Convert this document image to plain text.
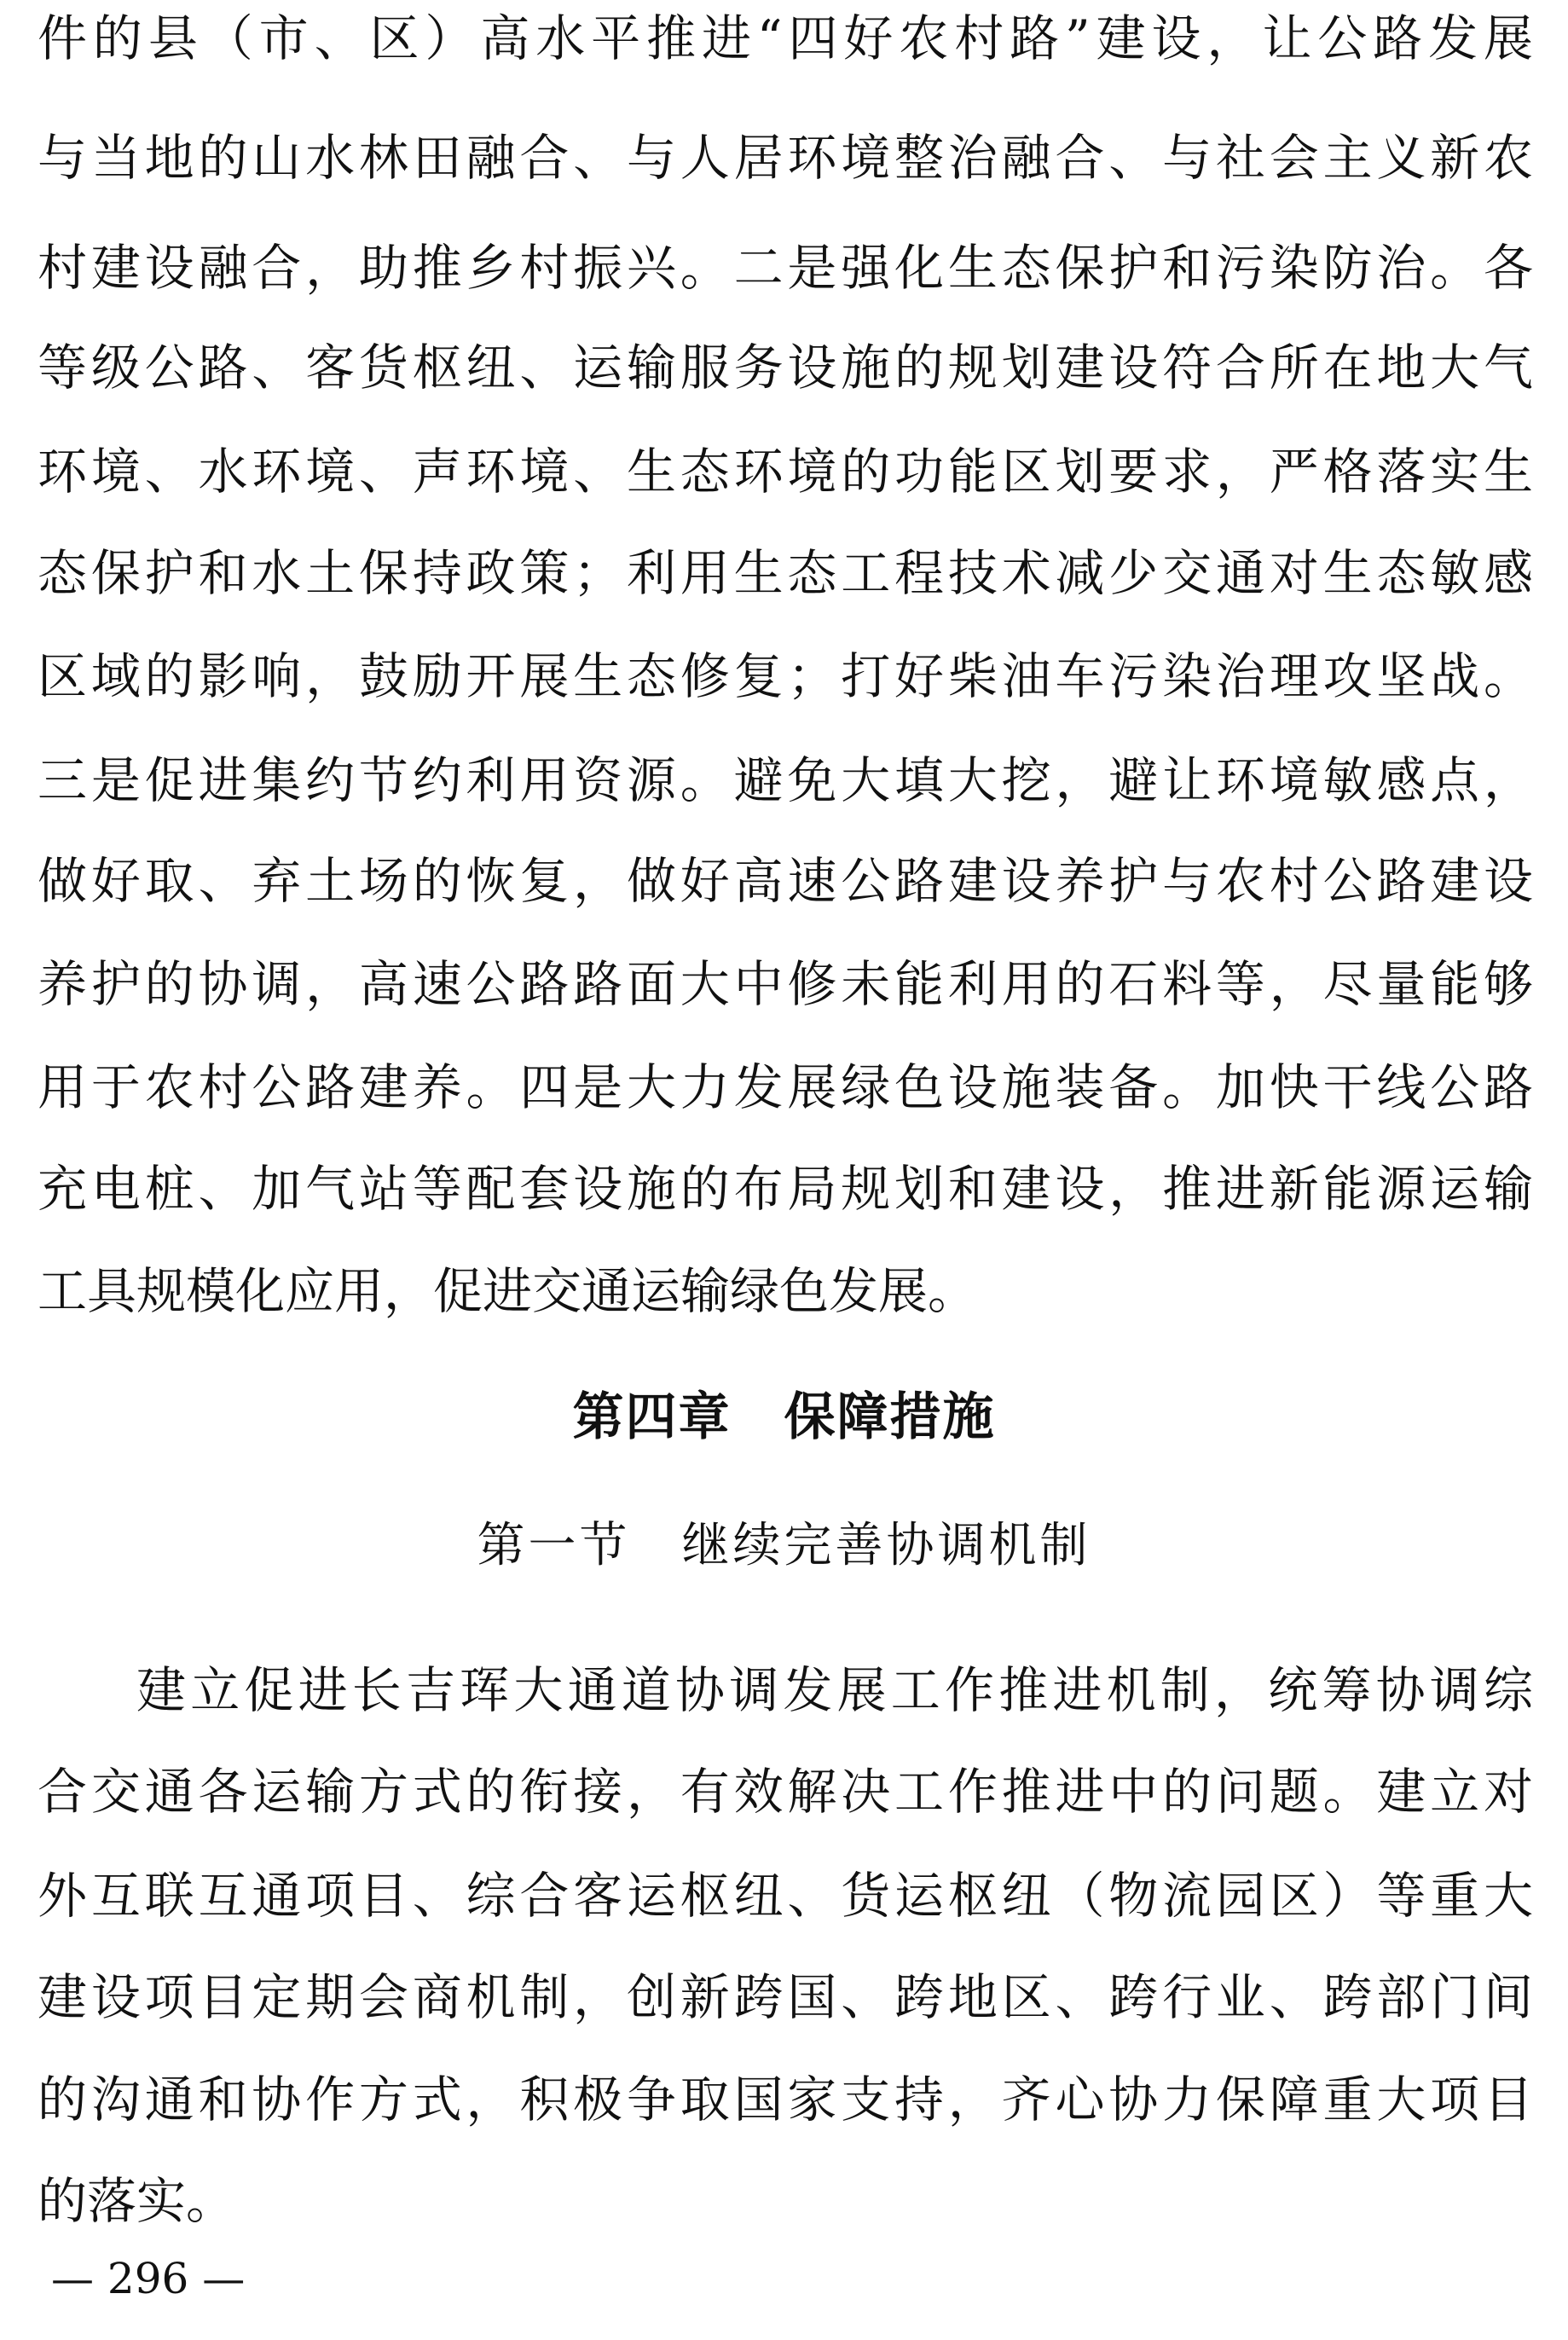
件的县（市、区）高水平推进“四好农村路”建设，让公路发展
与当地的山水林田融合、与人居环境整治融合、与社会主义新农
村建设融合，助推乡村振兴。二是强化生态保护和污染防治。各
等级公路、客货枢纽、运输服务设施的规划建设符合所在地大气
环境、水环境、声环境、生态环境的功能区划要求，严格落实生
态保护和水土保持政策；利用生态工程技术减少交通对生态敏感
区域的影响，鼓励开展生态修复；打好柴油车污染治理攻坚战。
三是促进集约节约利用资源。避免大填大挖，避让环境敏感点，
做好取、弃土场的恢复，做好高速公路建设养护与农村公路建设
养护的协调，高速公路路面大中修未能利用的石料等，尽量能够
用于农村公路建养。四是大力发展绿色设施装备。加快干线公路
充电桩、加气站等配套设施的布局规划和建设，推进新能源运输
工具规模化应用，促进交通运输绿色发展。
第四章　保障措施
第一节　继续完善协调机制
建立促进长吉珲大通道协调发展工作推进机制，统筹协调综
合交通各运输方式的衔接，有效解决工作推进中的问题。建立对
外互联互通项目、综合客运枢纽、货运枢纽（物流园区）等重大
建设项目定期会商机制，创新跨国、跨地区、跨行业、跨部门间
的沟通和协作方式，积极争取国家支持，齐心协力保障重大项目
的落实。
— 296 —
